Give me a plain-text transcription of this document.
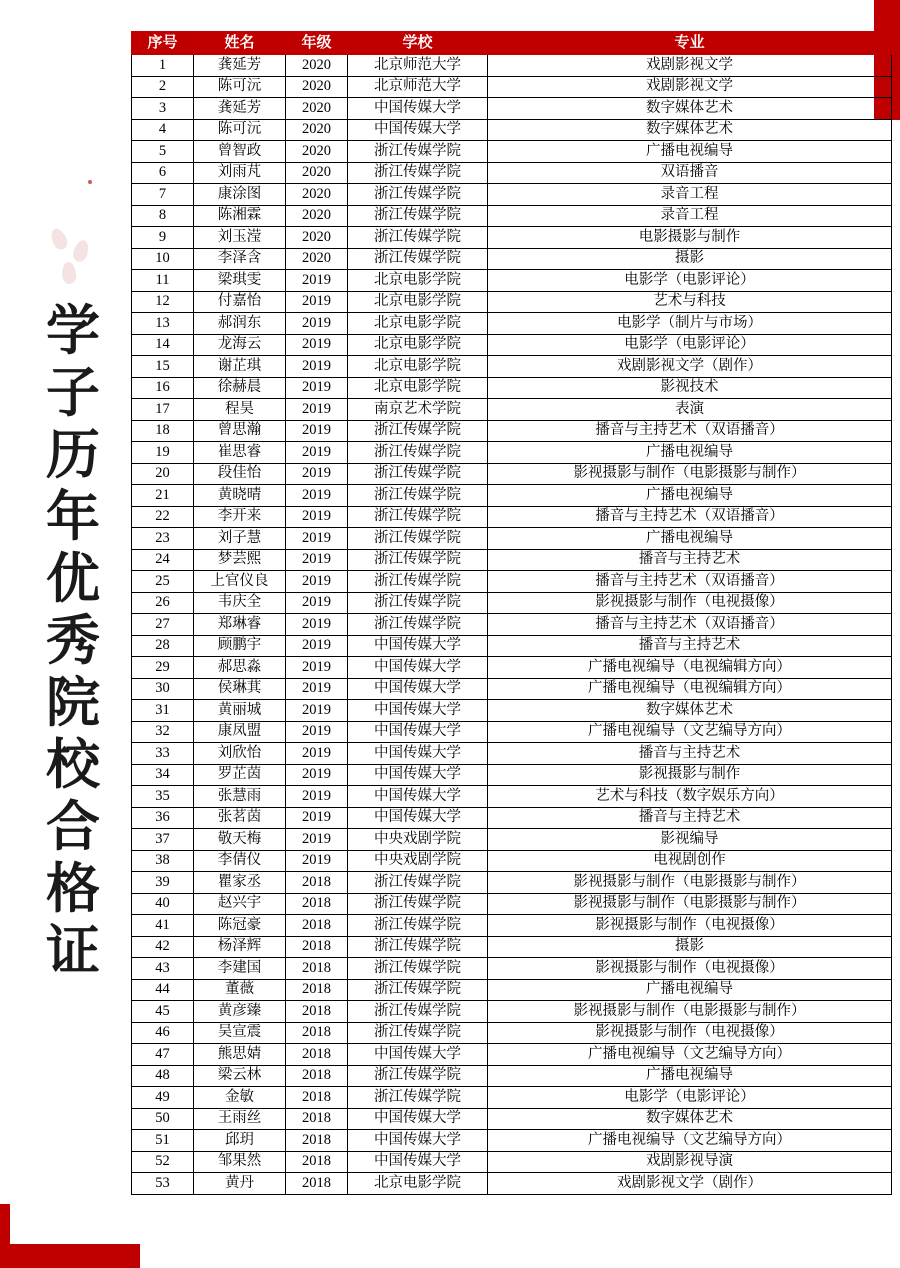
学子历年优秀院校合格证
序号	姓名	年级	学校	专业
1	龚延芳	2020	北京师范大学	戏剧影视文学
2	陈可沅	2020	北京师范大学	戏剧影视文学
3	龚延芳	2020	中国传媒大学	数字媒体艺术
4	陈可沅	2020	中国传媒大学	数字媒体艺术
5	曾智政	2020	浙江传媒学院	广播电视编导
6	刘雨芃	2020	浙江传媒学院	双语播音
7	康涂图	2020	浙江传媒学院	录音工程
8	陈湘霖	2020	浙江传媒学院	录音工程
9	刘玉滢	2020	浙江传媒学院	电影摄影与制作
10	李泽含	2020	浙江传媒学院	摄影
11	梁琪雯	2019	北京电影学院	电影学（电影评论）
12	付嘉怡	2019	北京电影学院	艺术与科技
13	郝润东	2019	北京电影学院	电影学（制片与市场）
14	龙海云	2019	北京电影学院	电影学（电影评论）
15	谢芷琪	2019	北京电影学院	戏剧影视文学（剧作）
16	徐赫晨	2019	北京电影学院	影视技术
17	程昊	2019	南京艺术学院	表演
18	曾思瀚	2019	浙江传媒学院	播音与主持艺术（双语播音）
19	崔思睿	2019	浙江传媒学院	广播电视编导
20	段佳怡	2019	浙江传媒学院	影视摄影与制作（电影摄影与制作）
21	黄晓晴	2019	浙江传媒学院	广播电视编导
22	李开来	2019	浙江传媒学院	播音与主持艺术（双语播音）
23	刘子慧	2019	浙江传媒学院	广播电视编导
24	梦芸熙	2019	浙江传媒学院	播音与主持艺术
25	上官仪良	2019	浙江传媒学院	播音与主持艺术（双语播音）
26	韦庆全	2019	浙江传媒学院	影视摄影与制作（电视摄像）
27	郑琳睿	2019	浙江传媒学院	播音与主持艺术（双语播音）
28	顾鹏宇	2019	中国传媒大学	播音与主持艺术
29	郝思淼	2019	中国传媒大学	广播电视编导（电视编辑方向）
30	侯琳萁	2019	中国传媒大学	广播电视编导（电视编辑方向）
31	黄丽城	2019	中国传媒大学	数字媒体艺术
32	康凤盟	2019	中国传媒大学	广播电视编导（文艺编导方向）
33	刘欣怡	2019	中国传媒大学	播音与主持艺术
34	罗芷茵	2019	中国传媒大学	影视摄影与制作
35	张慧雨	2019	中国传媒大学	艺术与科技（数字娱乐方向）
36	张茗茵	2019	中国传媒大学	播音与主持艺术
37	敬天梅	2019	中央戏剧学院	影视编导
38	李倩仪	2019	中央戏剧学院	电视剧创作
39	瞿家丞	2018	浙江传媒学院	影视摄影与制作（电影摄影与制作）
40	赵兴宇	2018	浙江传媒学院	影视摄影与制作（电影摄影与制作）
41	陈冠豪	2018	浙江传媒学院	影视摄影与制作（电视摄像）
42	杨泽辉	2018	浙江传媒学院	摄影
43	李建国	2018	浙江传媒学院	影视摄影与制作（电视摄像）
44	董薇	2018	浙江传媒学院	广播电视编导
45	黄彦臻	2018	浙江传媒学院	影视摄影与制作（电影摄影与制作）
46	吴宣震	2018	浙江传媒学院	影视摄影与制作（电视摄像）
47	熊思婧	2018	中国传媒大学	广播电视编导（文艺编导方向）
48	梁云林	2018	浙江传媒学院	广播电视编导
49	金敏	2018	浙江传媒学院	电影学（电影评论）
50	王雨丝	2018	中国传媒大学	数字媒体艺术
51	邱玥	2018	中国传媒大学	广播电视编导（文艺编导方向）
52	邹果然	2018	中国传媒大学	戏剧影视导演
53	黄丹	2018	北京电影学院	戏剧影视文学（剧作）
